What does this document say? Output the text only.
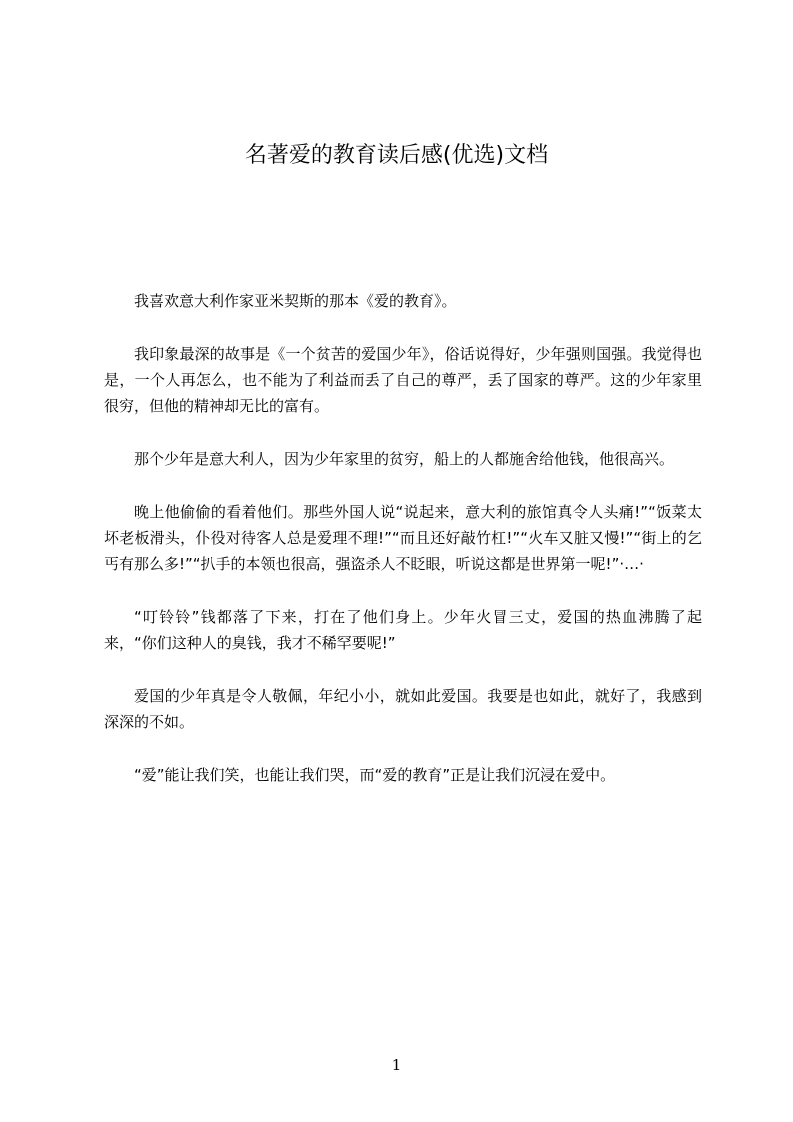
名著爱的教育读后感(优选)文档

我喜欢意大利作家亚米契斯的那本《爱的教育》。

我印象最深的故事是《一个贫苦的爱国少年》，俗话说得好，少年强则国强。我觉得也是，一个人再怎么，也不能为了利益而丢了自己的尊严，丢了国家的尊严。这的少年家里很穷，但他的精神却无比的富有。

那个少年是意大利人，因为少年家里的贫穷，船上的人都施舍给他钱，他很高兴。

晚上他偷偷的看着他们。那些外国人说“说起来，意大利的旅馆真令人头痛!”“饭菜太坏老板滑头，仆役对待客人总是爱理不理!”“而且还好敲竹杠!”“火车又脏又慢!”“街上的乞丐有那么多!”“扒手的本领也很高，强盗杀人不眨眼，听说这都是世界第一呢!”·…·

“叮铃铃”钱都落了下来，打在了他们身上。少年火冒三丈，爱国的热血沸腾了起来，“你们这种人的臭钱，我才不稀罕要呢!”

爱国的少年真是令人敬佩，年纪小小，就如此爱国。我要是也如此，就好了，我感到深深的不如。

“爱”能让我们笑，也能让我们哭，而“爱的教育”正是让我们沉浸在爱中。

1
